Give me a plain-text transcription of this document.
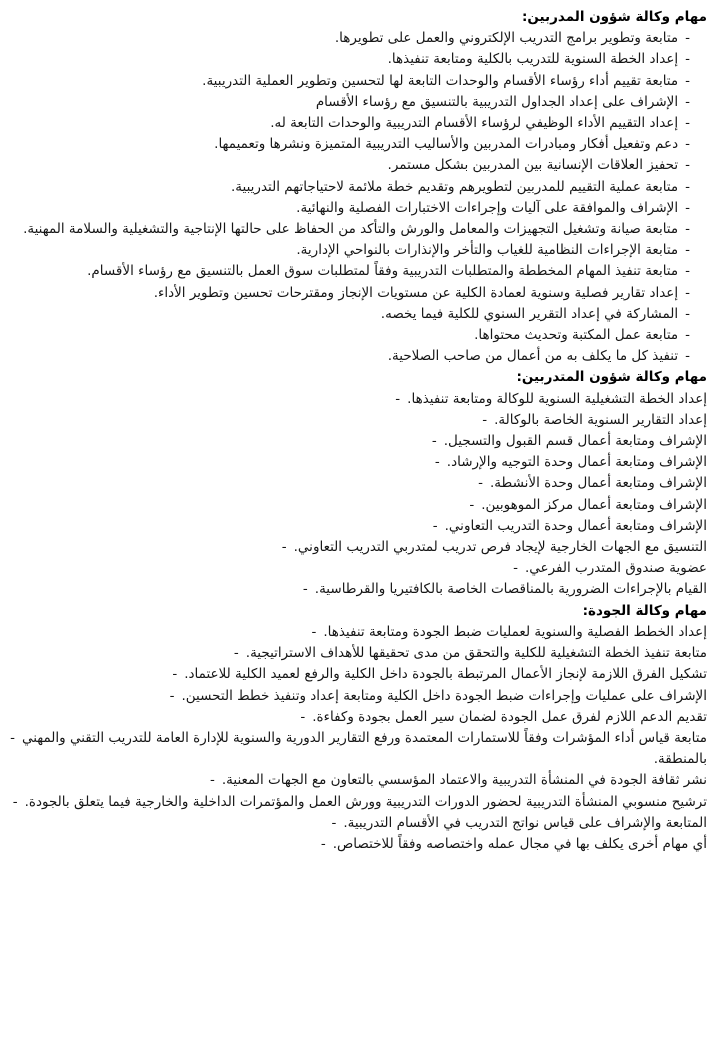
مهام وكالة شؤون المدربين:
-متابعة وتطوير برامج التدريب الإلكتروني والعمل على تطويرها.
-إعداد الخطة السنوية للتدريب بالكلية ومتابعة تنفيذها.
-متابعة تقييم أداء رؤساء الأقسام والوحدات التابعة لها لتحسين وتطوير العملية التدريبية.
-الإشراف على إعداد الجداول التدريبية بالتنسيق مع رؤساء الأقسام
-إعداد التقييم الأداء الوظيفي لرؤساء الأقسام التدريبية والوحدات التابعة له.
-دعم وتفعيل أفكار ومبادرات المدربين والأساليب التدريبية المتميزة ونشرها وتعميمها.
-تحفيز العلاقات الإنسانية بين المدربين بشكل مستمر.
-متابعة عملية التقييم للمدربين لتطويرهم وتقديم خطة ملائمة لاحتياجاتهم التدريبية.
-الإشراف والموافقة على آليات وإجراءات الاختبارات الفصلية والنهائية.
-متابعة صيانة وتشغيل التجهيزات والمعامل والورش والتأكد من الحفاظ على حالتها الإنتاجية والتشغيلية والسلامة المهنية.
-متابعة الإجراءات النظامية للغياب والتأخر والإنذارات بالنواحي الإدارية.
-متابعة تنفيذ المهام المخططة والمتطلبات التدريبية وفقاً لمتطلبات سوق العمل بالتنسيق مع رؤساء الأقسام.
-إعداد تقارير فصلية وسنوية لعمادة الكلية عن مستويات الإنجاز ومقترحات تحسين وتطوير الأداء.
-المشاركة في إعداد التقرير السنوي للكلية فيما يخصه.
-متابعة عمل المكتبة وتحديث محتواها.
-تنفيذ كل ما يكلف به من أعمال من صاحب الصلاحية.
مهام وكالة شؤون المتدربين:
- إعداد الخطة التشغيلية السنوية للوكالة ومتابعة تنفيذها.
- إعداد التقارير السنوية الخاصة بالوكالة.
- الإشراف ومتابعة أعمال قسم القبول والتسجيل.
- الإشراف ومتابعة أعمال وحدة التوجيه والإرشاد.
- الإشراف ومتابعة أعمال وحدة الأنشطة.
- الإشراف ومتابعة أعمال مركز الموهوبين.
- الإشراف ومتابعة أعمال وحدة التدريب التعاوني.
- التنسيق مع الجهات الخارجية لإيجاد فرص تدريب لمتدربي التدريب التعاوني.
- عضوية صندوق المتدرب الفرعي.
- القيام بالإجراءات الضرورية بالمناقصات الخاصة بالكافتيريا والقرطاسية.
مهام وكالة الجودة:
- إعداد الخطط الفصلية والسنوية لعمليات ضبط الجودة ومتابعة تنفيذها.
- متابعة تنفيذ الخطة التشغيلية للكلية والتحقق من مدى تحقيقها للأهداف الاستراتيجية.
- تشكيل الفرق اللازمة لإنجاز الأعمال المرتبطة بالجودة داخل الكلية والرفع لعميد الكلية للاعتماد.
- الإشراف على عمليات وإجراءات ضبط الجودة داخل الكلية ومتابعة إعداد وتنفيذ خطط التحسين.
- تقديم الدعم اللازم لفرق عمل الجودة لضمان سير العمل بجودة وكفاءة.
- متابعة قياس أداء المؤشرات وفقاً للاستمارات المعتمدة ورفع التقارير الدورية والسنوية للإدارة العامة للتدريب التقني والمهني بالمنطقة.
- نشر ثقافة الجودة في المنشأة التدريبية والاعتماد المؤسسي بالتعاون مع الجهات المعنية.
- ترشيح منسوبي المنشأة التدريبية لحضور الدورات التدريبية وورش العمل والمؤتمرات الداخلية والخارجية فيما يتعلق بالجودة.
- المتابعة والإشراف على قياس نواتج التدريب في الأقسام التدريبية.
- أي مهام أخرى يكلف بها في مجال عمله واختصاصه وفقاً للاختصاص.
